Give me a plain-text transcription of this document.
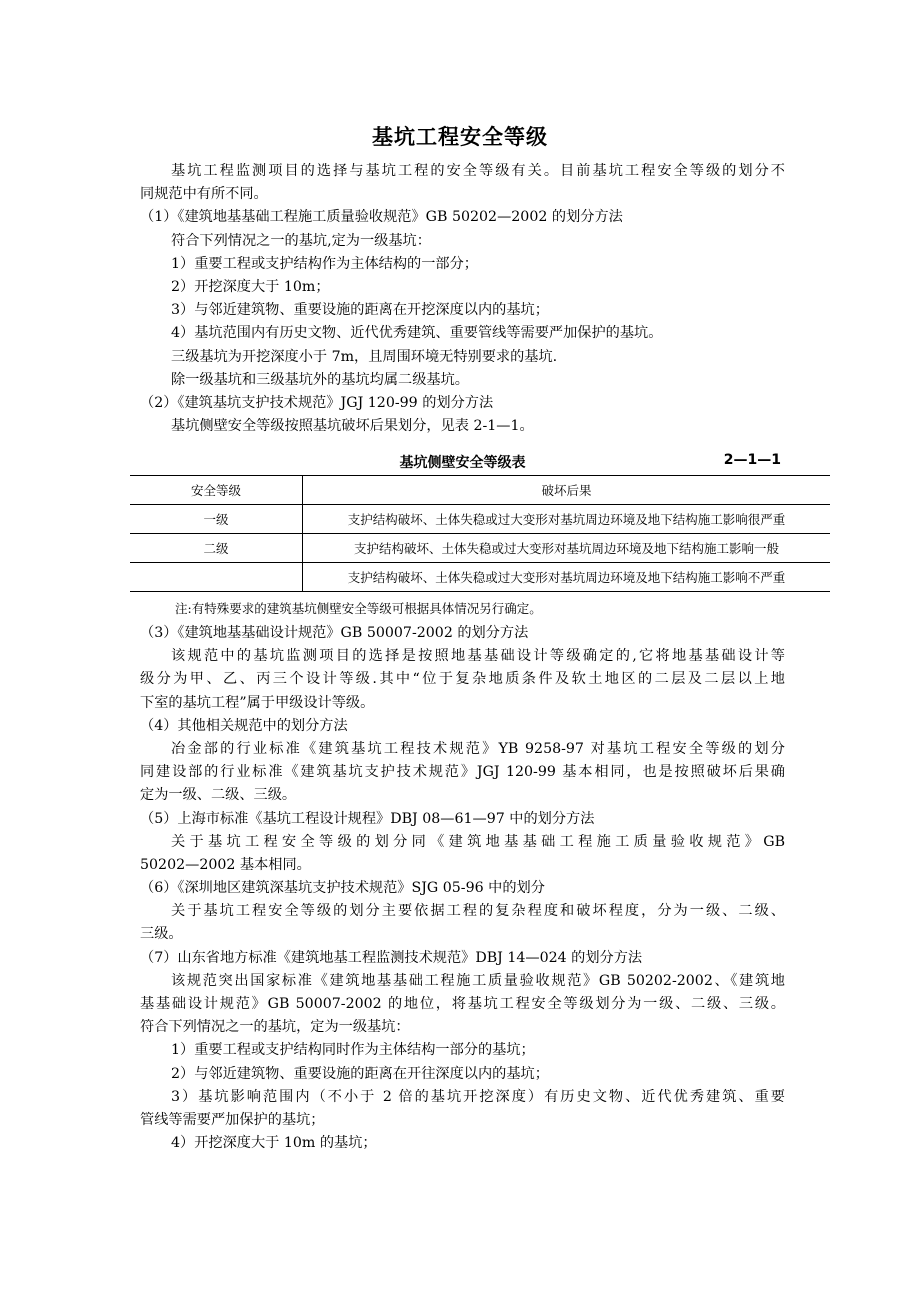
基坑工程安全等级
基坑工程监测项目的选择与基坑工程的安全等级有关。目前基坑工程安全等级的划分不
同规范中有所不同。
（1）《建筑地基基础工程施工质量验收规范》GB 50202—2002 的划分方法
符合下列情况之一的基坑,定为一级基坑：
1）重要工程或支护结构作为主体结构的一部分；
2）开挖深度大于 10m；
3）与邻近建筑物、重要设施的距离在开挖深度以内的基坑；
4）基坑范围内有历史文物、近代优秀建筑、重要管线等需要严加保护的基坑。
三级基坑为开挖深度小于 7m，且周围环境无特别要求的基坑.
除一级基坑和三级基坑外的基坑均属二级基坑。
（2）《建筑基坑支护技术规范》JGJ 120-99 的划分方法
基坑侧壁安全等级按照基坑破坏后果划分，见表 2-1—1。
基坑侧壁安全等级表	2—1—1
安全等级	破坏后果
一级	支护结构破坏、土体失稳或过大变形对基坑周边环境及地下结构施工影响很严重
二级	支护结构破坏、土体失稳或过大变形对基坑周边环境及地下结构施工影响一般
	支护结构破坏、土体失稳或过大变形对基坑周边环境及地下结构施工影响不严重
注:有特殊要求的建筑基坑侧壁安全等级可根据具体情况另行确定。
（3）《建筑地基基础设计规范》GB 50007-2002 的划分方法
该规范中的基坑监测项目的选择是按照地基基础设计等级确定的,它将地基基础设计等
级分为甲、乙、丙三个设计等级.其中“位于复杂地质条件及软土地区的二层及二层以上地
下室的基坑工程”属于甲级设计等级。
（4）其他相关规范中的划分方法
冶金部的行业标准《建筑基坑工程技术规范》YB 9258-97 对基坑工程安全等级的划分
同建设部的行业标准《建筑基坑支护技术规范》JGJ 120-99 基本相同，也是按照破坏后果确
定为一级、二级、三级。
（5）上海市标准《基坑工程设计规程》DBJ 08—61—97 中的划分方法
关于基坑工程安全等级的划分同《建筑地基基础工程施工质量验收规范》GB
50202—2002 基本相同。
（6）《深圳地区建筑深基坑支护技术规范》SJG 05-96 中的划分
关于基坑工程安全等级的划分主要依据工程的复杂程度和破坏程度，分为一级、二级、
三级。
（7）山东省地方标准《建筑地基工程监测技术规范》DBJ 14—024 的划分方法
该规范突出国家标准《建筑地基基础工程施工质量验收规范》GB 50202-2002、《建筑地
基基础设计规范》GB 50007-2002 的地位，将基坑工程安全等级划分为一级、二级、三级。
符合下列情况之一的基坑，定为一级基坑：
1）重要工程或支护结构同时作为主体结构一部分的基坑；
2）与邻近建筑物、重要设施的距离在开往深度以内的基坑；
3）基坑影响范围内（不小于 2 倍的基坑开挖深度）有历史文物、近代优秀建筑、重要
管线等需要严加保护的基坑；
4）开挖深度大于 10m 的基坑；
